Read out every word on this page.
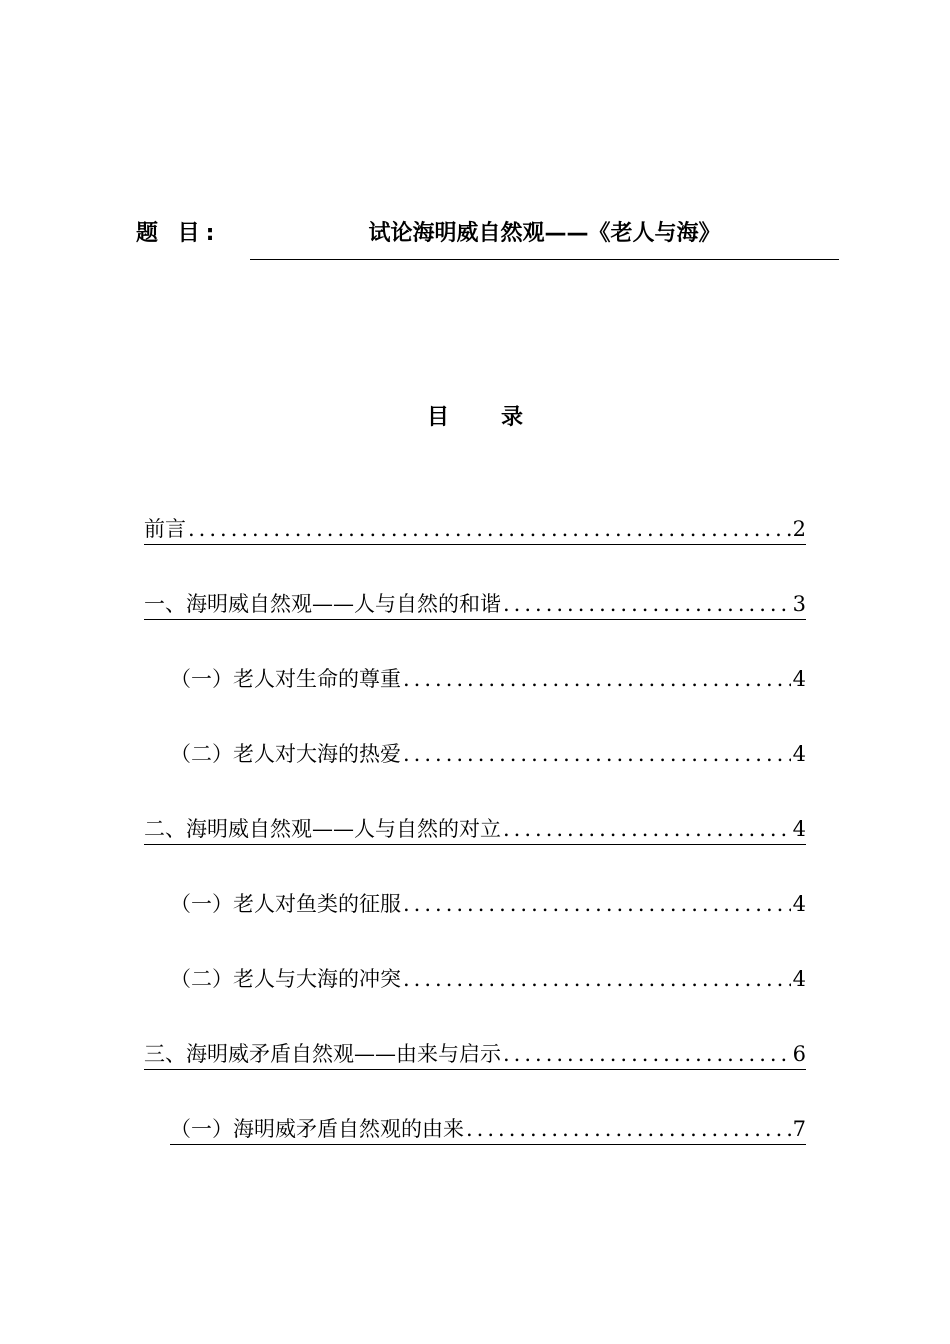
题 目:	试论海明威自然观——《老人与海》
目录
前言 .....	2
一、海明威自然观——人与自然的和谐 .....	3
（一）老人对生命的尊重 .....	4
（二）老人对大海的热爱 .....	4
二、海明威自然观——人与自然的对立 .....	4
（一）老人对鱼类的征服 .....	4
（二）老人与大海的冲突 .....	4
三、海明威矛盾自然观——由来与启示 .....	6
（一）海明威矛盾自然观的由来 .....	7
